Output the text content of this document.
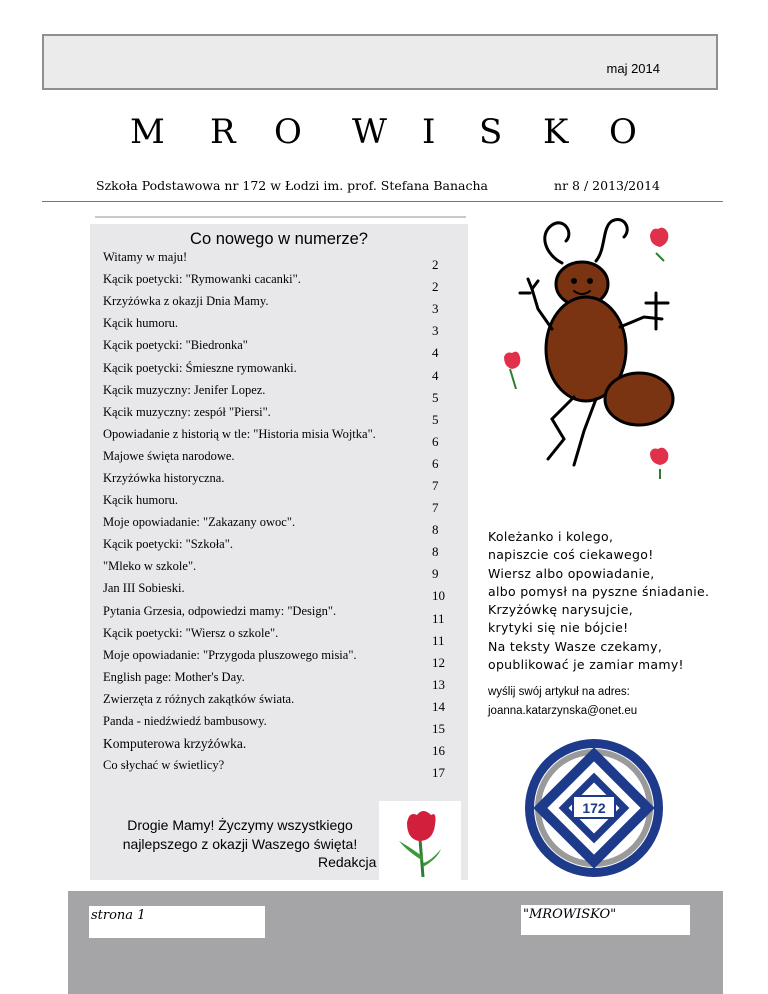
maj 2014
M R O W I S K O
Szkoła Podstawowa nr 172 w Łodzi im. prof. Stefana Banacha	nr 8 / 2013/2014
Co nowego w numerze?
Witamy w maju!	2
Kącik poetycki: "Rymowanki cacanki".	2
Krzyżówka z okazji Dnia Mamy.	3
Kącik humoru.	3
Kącik poetycki: "Biedronka"	4
Kącik poetycki: Śmieszne rymowanki.	4
Kącik muzyczny: Jenifer Lopez.	5
Kącik muzyczny: zespół "Piersi".	5
Opowiadanie z historią w tle: "Historia misia Wojtka".	6
Majowe święta narodowe.	6
Krzyżówka historyczna.	7
Kącik humoru.	7
Moje opowiadanie: "Zakazany owoc".	8
Kącik poetycki: "Szkoła".	8
"Mleko w szkole".	9
Jan III Sobieski.	10
Pytania Grzesia, odpowiedzi mamy: "Design".	11
Kącik poetycki: "Wiersz o szkole".	11
Moje opowiadanie: "Przygoda pluszowego misia".	12
English page: Mother's Day.	13
Zwierzęta z różnych zakątków świata.	14
Panda - niedźwiedź bambusowy.	15
Komputerowa krzyżówka.	16
Co słychać w świetlicy?	17
Koleżanko i kolego,
napiszcie coś ciekawego!
Wiersz albo opowiadanie,
albo pomysł na pyszne śniadanie.
Krzyżówkę narysujcie,
krytyki się nie bójcie!
Na teksty Wasze czekamy,
opublikować je zamiar mamy!
wyślij swój artykuł na adres:
joanna.katarzynska@onet.eu
172
Drogie Mamy! Życzymy wszystkiego
najlepszego z okazji Waszego święta!
Redakcja
strona 1	"MROWISKO"
